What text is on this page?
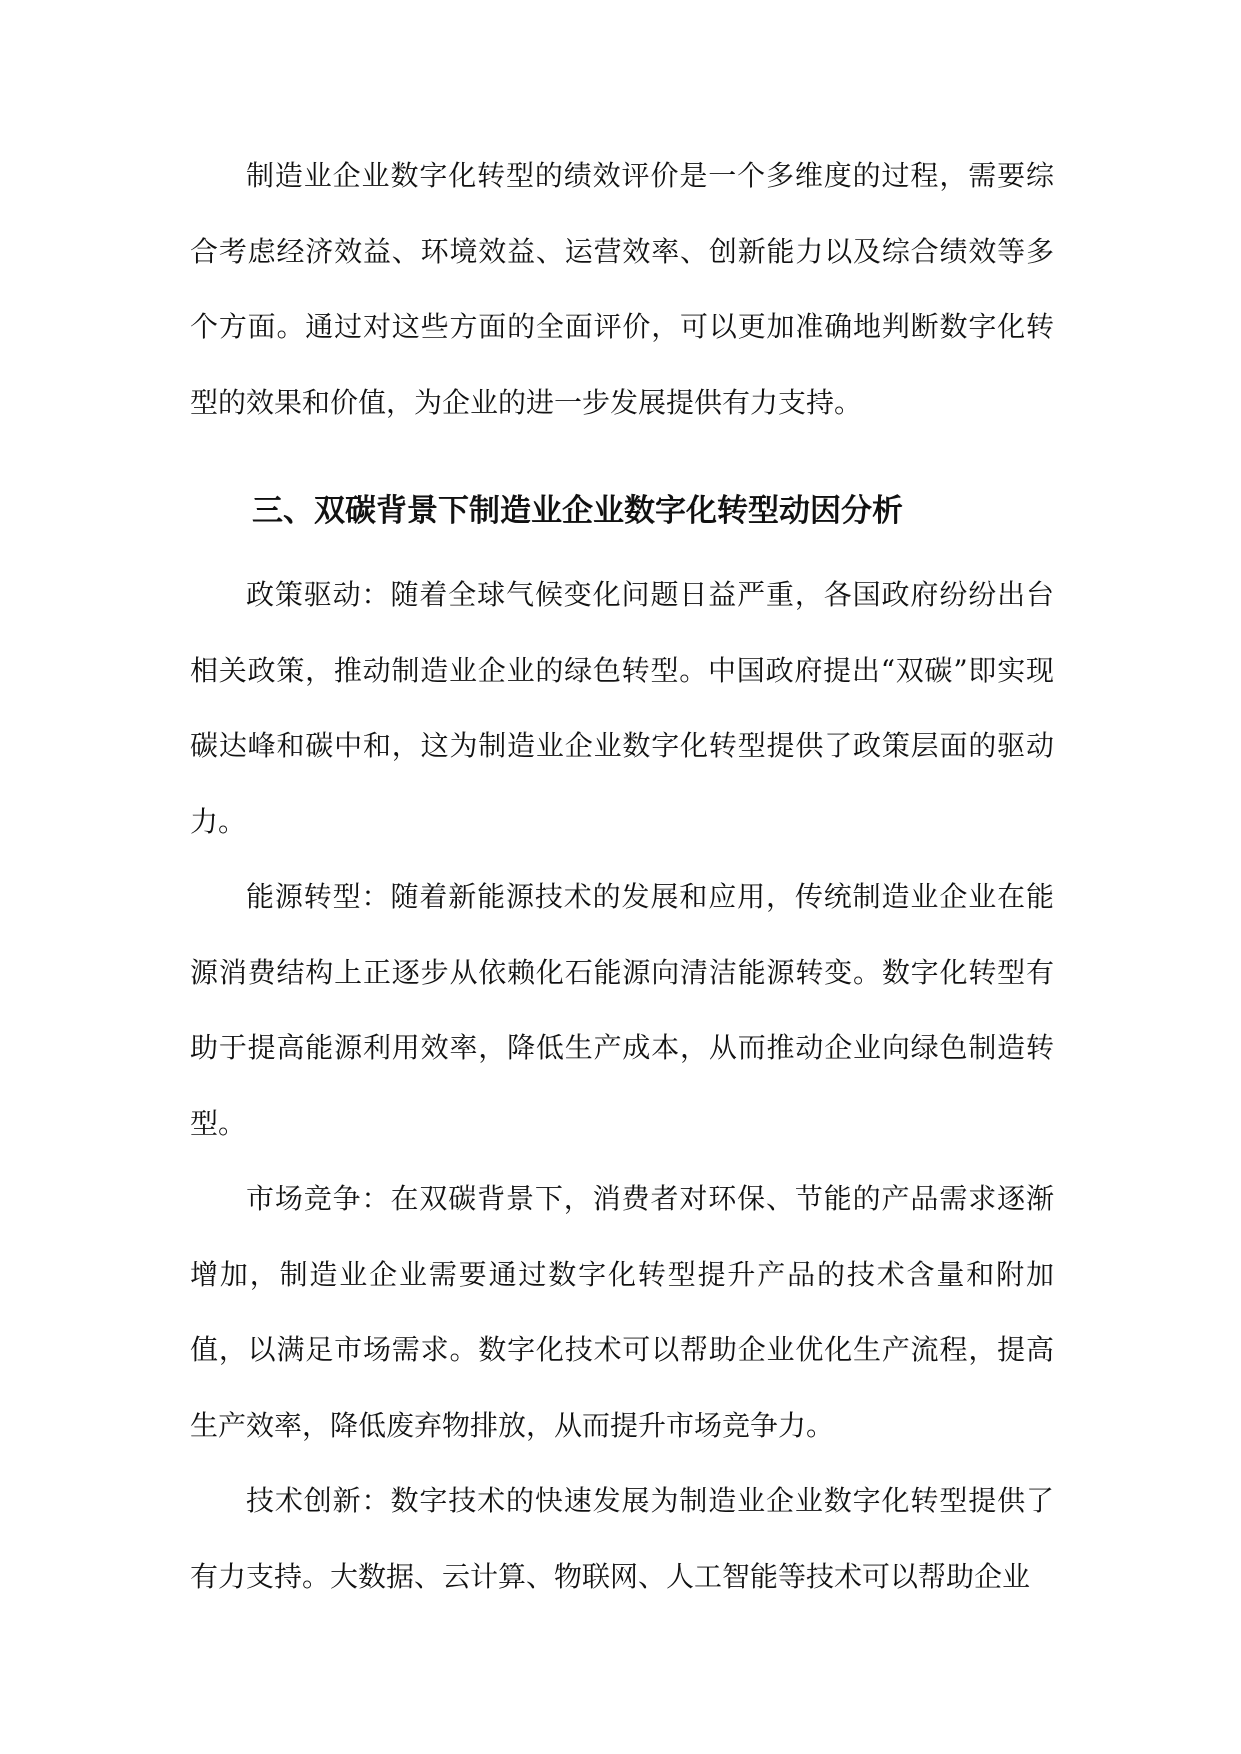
制造业企业数字化转型的绩效评价是一个多维度的过程，需要综合考虑经济效益、环境效益、运营效率、创新能力以及综合绩效等多个方面。通过对这些方面的全面评价，可以更加准确地判断数字化转型的效果和价值，为企业的进一步发展提供有力支持。

三、双碳背景下制造业企业数字化转型动因分析

政策驱动：随着全球气候变化问题日益严重，各国政府纷纷出台相关政策，推动制造业企业的绿色转型。中国政府提出“双碳”即实现碳达峰和碳中和，这为制造业企业数字化转型提供了政策层面的驱动力。

能源转型：随着新能源技术的发展和应用，传统制造业企业在能源消费结构上正逐步从依赖化石能源向清洁能源转变。数字化转型有助于提高能源利用效率，降低生产成本，从而推动企业向绿色制造转型。

市场竞争：在双碳背景下，消费者对环保、节能的产品需求逐渐增加，制造业企业需要通过数字化转型提升产品的技术含量和附加值，以满足市场需求。数字化技术可以帮助企业优化生产流程，提高生产效率，降低废弃物排放，从而提升市场竞争力。

技术创新：数字技术的快速发展为制造业企业数字化转型提供了有力支持。大数据、云计算、物联网、人工智能等技术可以帮助企业
